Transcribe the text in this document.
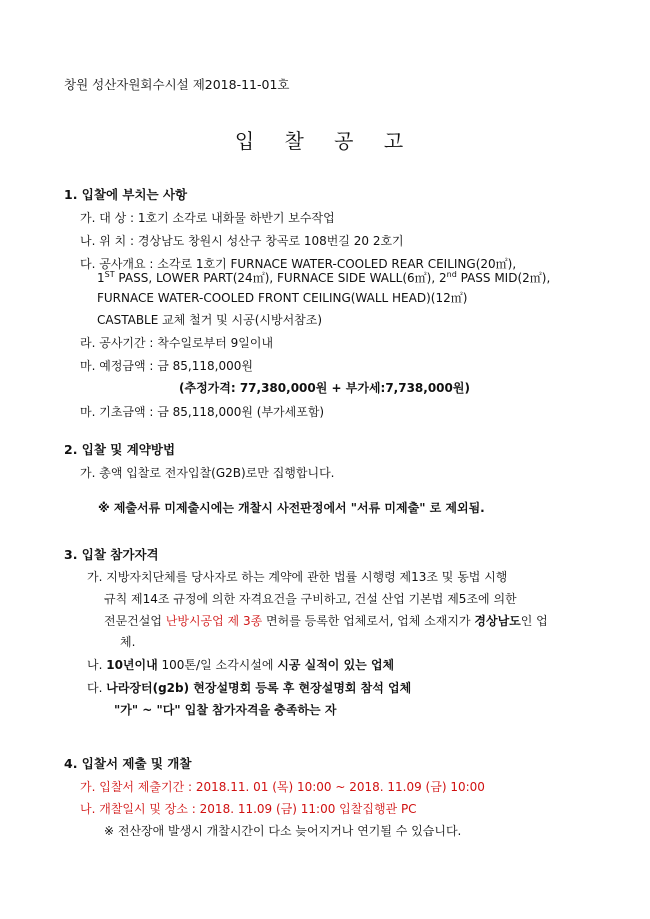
창원 성산자원회수시설 제2018-11-01호
입 찰 공 고
1. 입찰에 부치는 사항
가. 대 상 : 1호기 소각로 내화물 하반기 보수작업
나. 위 치 : 경상남도 창원시 성산구 창곡로 108번길 20 2호기
다. 공사개요 : 소각로 1호기 FURNACE WATER-COOLED REAR CEILING(20㎡),
1ST PASS, LOWER PART(24㎡), FURNACE SIDE WALL(6㎡), 2nd PASS MID(2㎡),
FURNACE WATER-COOLED FRONT CEILING(WALL HEAD)(12㎡)
CASTABLE 교체 철거 및 시공(시방서참조)
라. 공사기간 : 착수일로부터 9일이내
마. 예정금액 : 금 85,118,000원
(추정가격: 77,380,000원 + 부가세:7,738,000원)
마. 기초금액 : 금 85,118,000원 (부가세포함)
2. 입찰 및 계약방법
가. 총액 입찰로 전자입찰(G2B)로만 집행합니다.
※ 제출서류 미제출시에는 개찰시 사전판정에서 "서류 미제출" 로 제외됨.
3. 입찰 참가자격
가. 지방자치단체를 당사자로 하는 계약에 관한 법률 시행령 제13조 및 동법 시행
규칙 제14조 규정에 의한 자격요건을 구비하고, 건설 산업 기본법 제5조에 의한
전문건설업 난방시공업 제 3종 면허를 등록한 업체로서, 업체 소재지가 경상남도인 업
체.
나. 10년이내 100톤/일 소각시설에 시공 실적이 있는 업체
다. 나라장터(g2b) 현장설명회 등록 후 현장설명회 참석 업체
"가" ~ "다" 입찰 참가자격을 충족하는 자
4. 입찰서 제출 및 개찰
가. 입찰서 제출기간 : 2018.11. 01 (목) 10:00 ~ 2018. 11.09 (금) 10:00
나. 개찰일시 및 장소 : 2018. 11.09 (금) 11:00 입찰집행관 PC
※ 전산장애 발생시 개찰시간이 다소 늦어지거나 연기될 수 있습니다.
